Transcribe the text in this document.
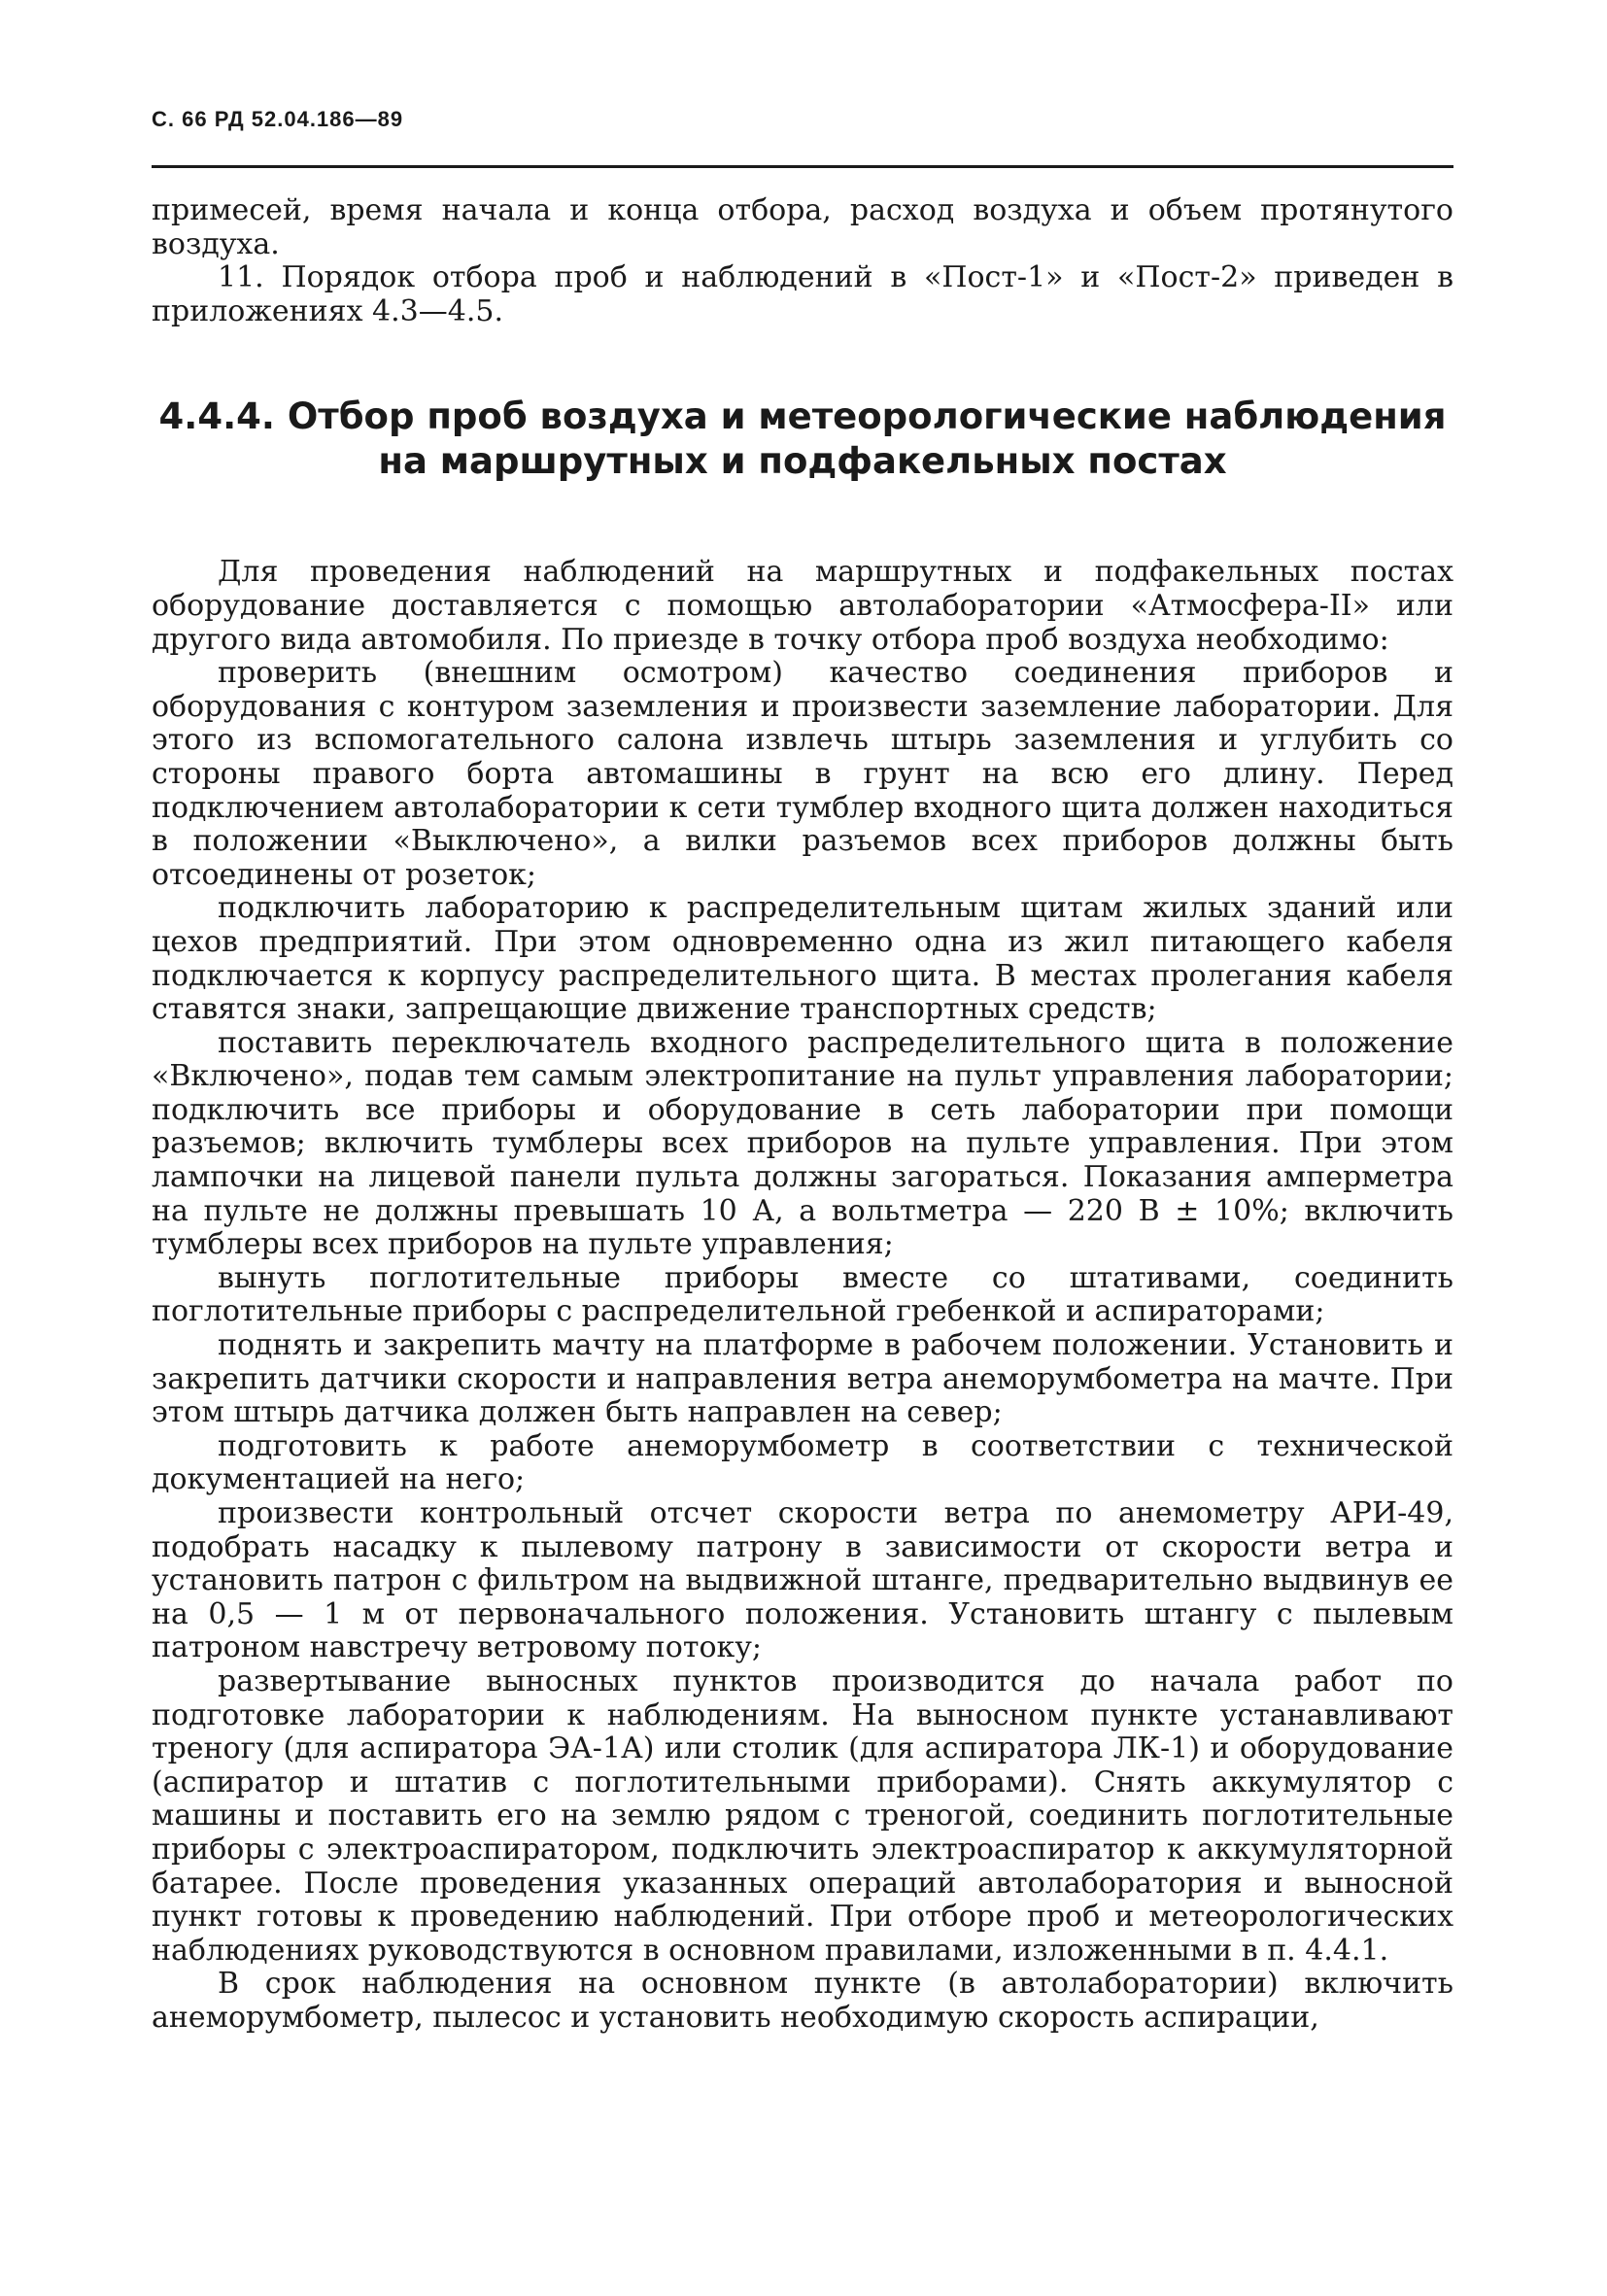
С. 66 РД 52.04.186—89

примесей, время начала и конца отбора, расход воздуха и объем протянутого воздуха.

11. Порядок отбора проб и наблюдений в «Пост-1» и «Пост-2» приведен в приложениях 4.3—4.5.

4.4.4. Отбор проб воздуха и метеорологические наблюдения
на маршрутных и подфакельных постах

Для проведения наблюдений на маршрутных и подфакельных постах оборудование доставляется с помощью автолаборатории «Атмосфера-II» или другого вида автомобиля. По приезде в точку отбора проб воздуха необходимо:

проверить (внешним осмотром) качество соединения приборов и оборудования с контуром заземления и произвести заземление лаборатории. Для этого из вспомогательного салона извлечь штырь заземления и углубить со стороны правого борта автомашины в грунт на всю его длину. Перед подключением автолаборатории к сети тумблер входного щита должен находиться в положении «Выключено», а вилки разъемов всех приборов должны быть отсоединены от розеток;

подключить лабораторию к распределительным щитам жилых зданий или цехов предприятий. При этом одновременно одна из жил питающего кабеля подключается к корпусу распределительного щита. В местах пролегания кабеля ставятся знаки, запрещающие движение транспортных средств;

поставить переключатель входного распределительного щита в положение «Включено», подав тем самым электропитание на пульт управления лаборатории; подключить все приборы и оборудование в сеть лаборатории при помощи разъемов; включить тумблеры всех приборов на пульте управления. При этом лампочки на лицевой панели пульта должны загораться. Показания амперметра на пульте не должны превышать 10 А, а вольтметра — 220 В ± 10%; включить тумблеры всех приборов на пульте управления;

вынуть поглотительные приборы вместе со штативами, соединить поглотительные приборы с распределительной гребенкой и аспираторами;

поднять и закрепить мачту на платформе в рабочем положении. Установить и закрепить датчики скорости и направления ветра анеморумбометра на мачте. При этом штырь датчика должен быть направлен на север;

подготовить к работе анеморумбометр в соответствии с технической документацией на него;

произвести контрольный отсчет скорости ветра по анемометру АРИ-49, подобрать насадку к пылевому патрону в зависимости от скорости ветра и установить патрон с фильтром на выдвижной штанге, предварительно выдвинув ее на 0,5 — 1 м от первоначального положения. Установить штангу с пылевым патроном навстречу ветровому потоку;

развертывание выносных пунктов производится до начала работ по подготовке лаборатории к наблюдениям. На выносном пункте устанавливают треногу (для аспиратора ЭА-1А) или столик (для аспиратора ЛК-1) и оборудование (аспиратор и штатив с поглотительными приборами). Снять аккумулятор с машины и поставить его на землю рядом с треногой, соединить поглотительные приборы с электроаспиратором, подключить электроаспиратор к аккумуляторной батарее. После проведения указанных операций автолаборатория и выносной пункт готовы к проведению наблюдений. При отборе проб и метеорологических наблюдениях руководствуются в основном правилами, изложенными в п. 4.4.1.

В срок наблюдения на основном пункте (в автолаборатории) включить анеморумбометр, пылесос и установить необходимую скорость аспирации,
